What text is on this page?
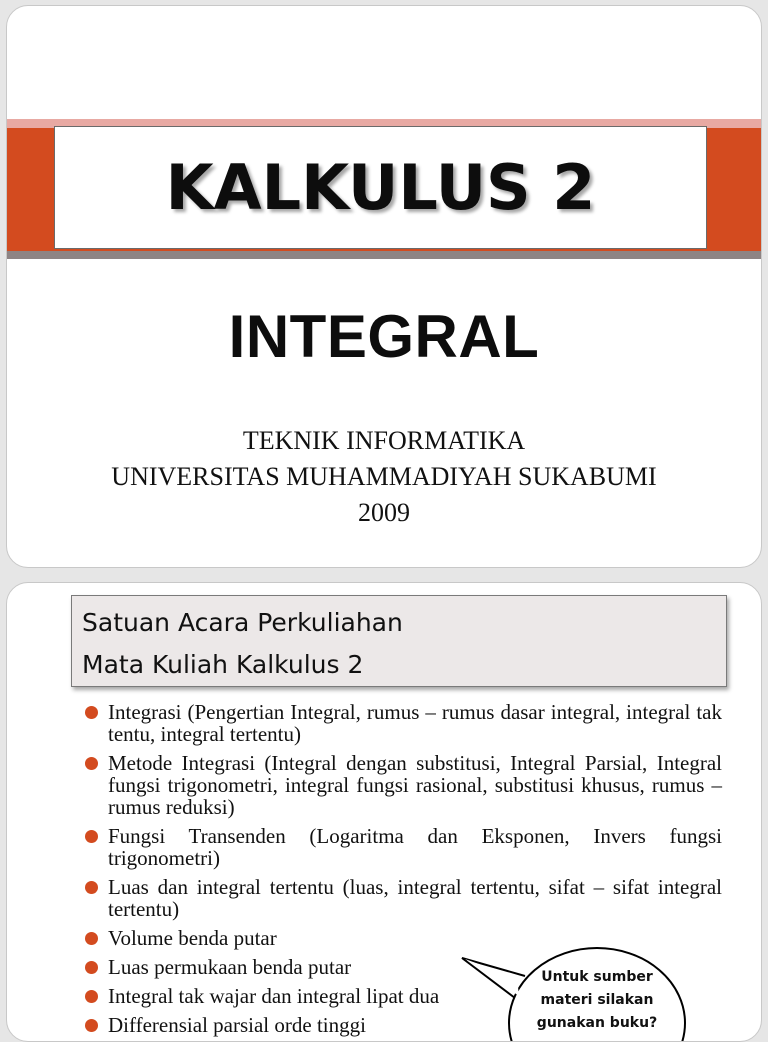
KALKULUS 2
INTEGRAL
TEKNIK INFORMATIKA
UNIVERSITAS MUHAMMADIYAH SUKABUMI
2009
Satuan Acara Perkuliahan
Mata Kuliah Kalkulus 2
Integrasi (Pengertian Integral, rumus – rumus dasar integral, integral tak tentu, integral tertentu)
Metode Integrasi (Integral dengan substitusi, Integral Parsial, Integral fungsi trigonometri, integral fungsi rasional, substitusi khusus, rumus – rumus reduksi)
Fungsi Transenden (Logaritma dan Eksponen, Invers fungsi trigonometri)
Luas dan integral tertentu (luas, integral tertentu, sifat – sifat integral tertentu)
Volume benda putar
Luas permukaan benda putar
Integral tak wajar dan integral lipat dua
Differensial parsial orde tinggi
Untuk sumber
materi silakan
gunakan buku?
